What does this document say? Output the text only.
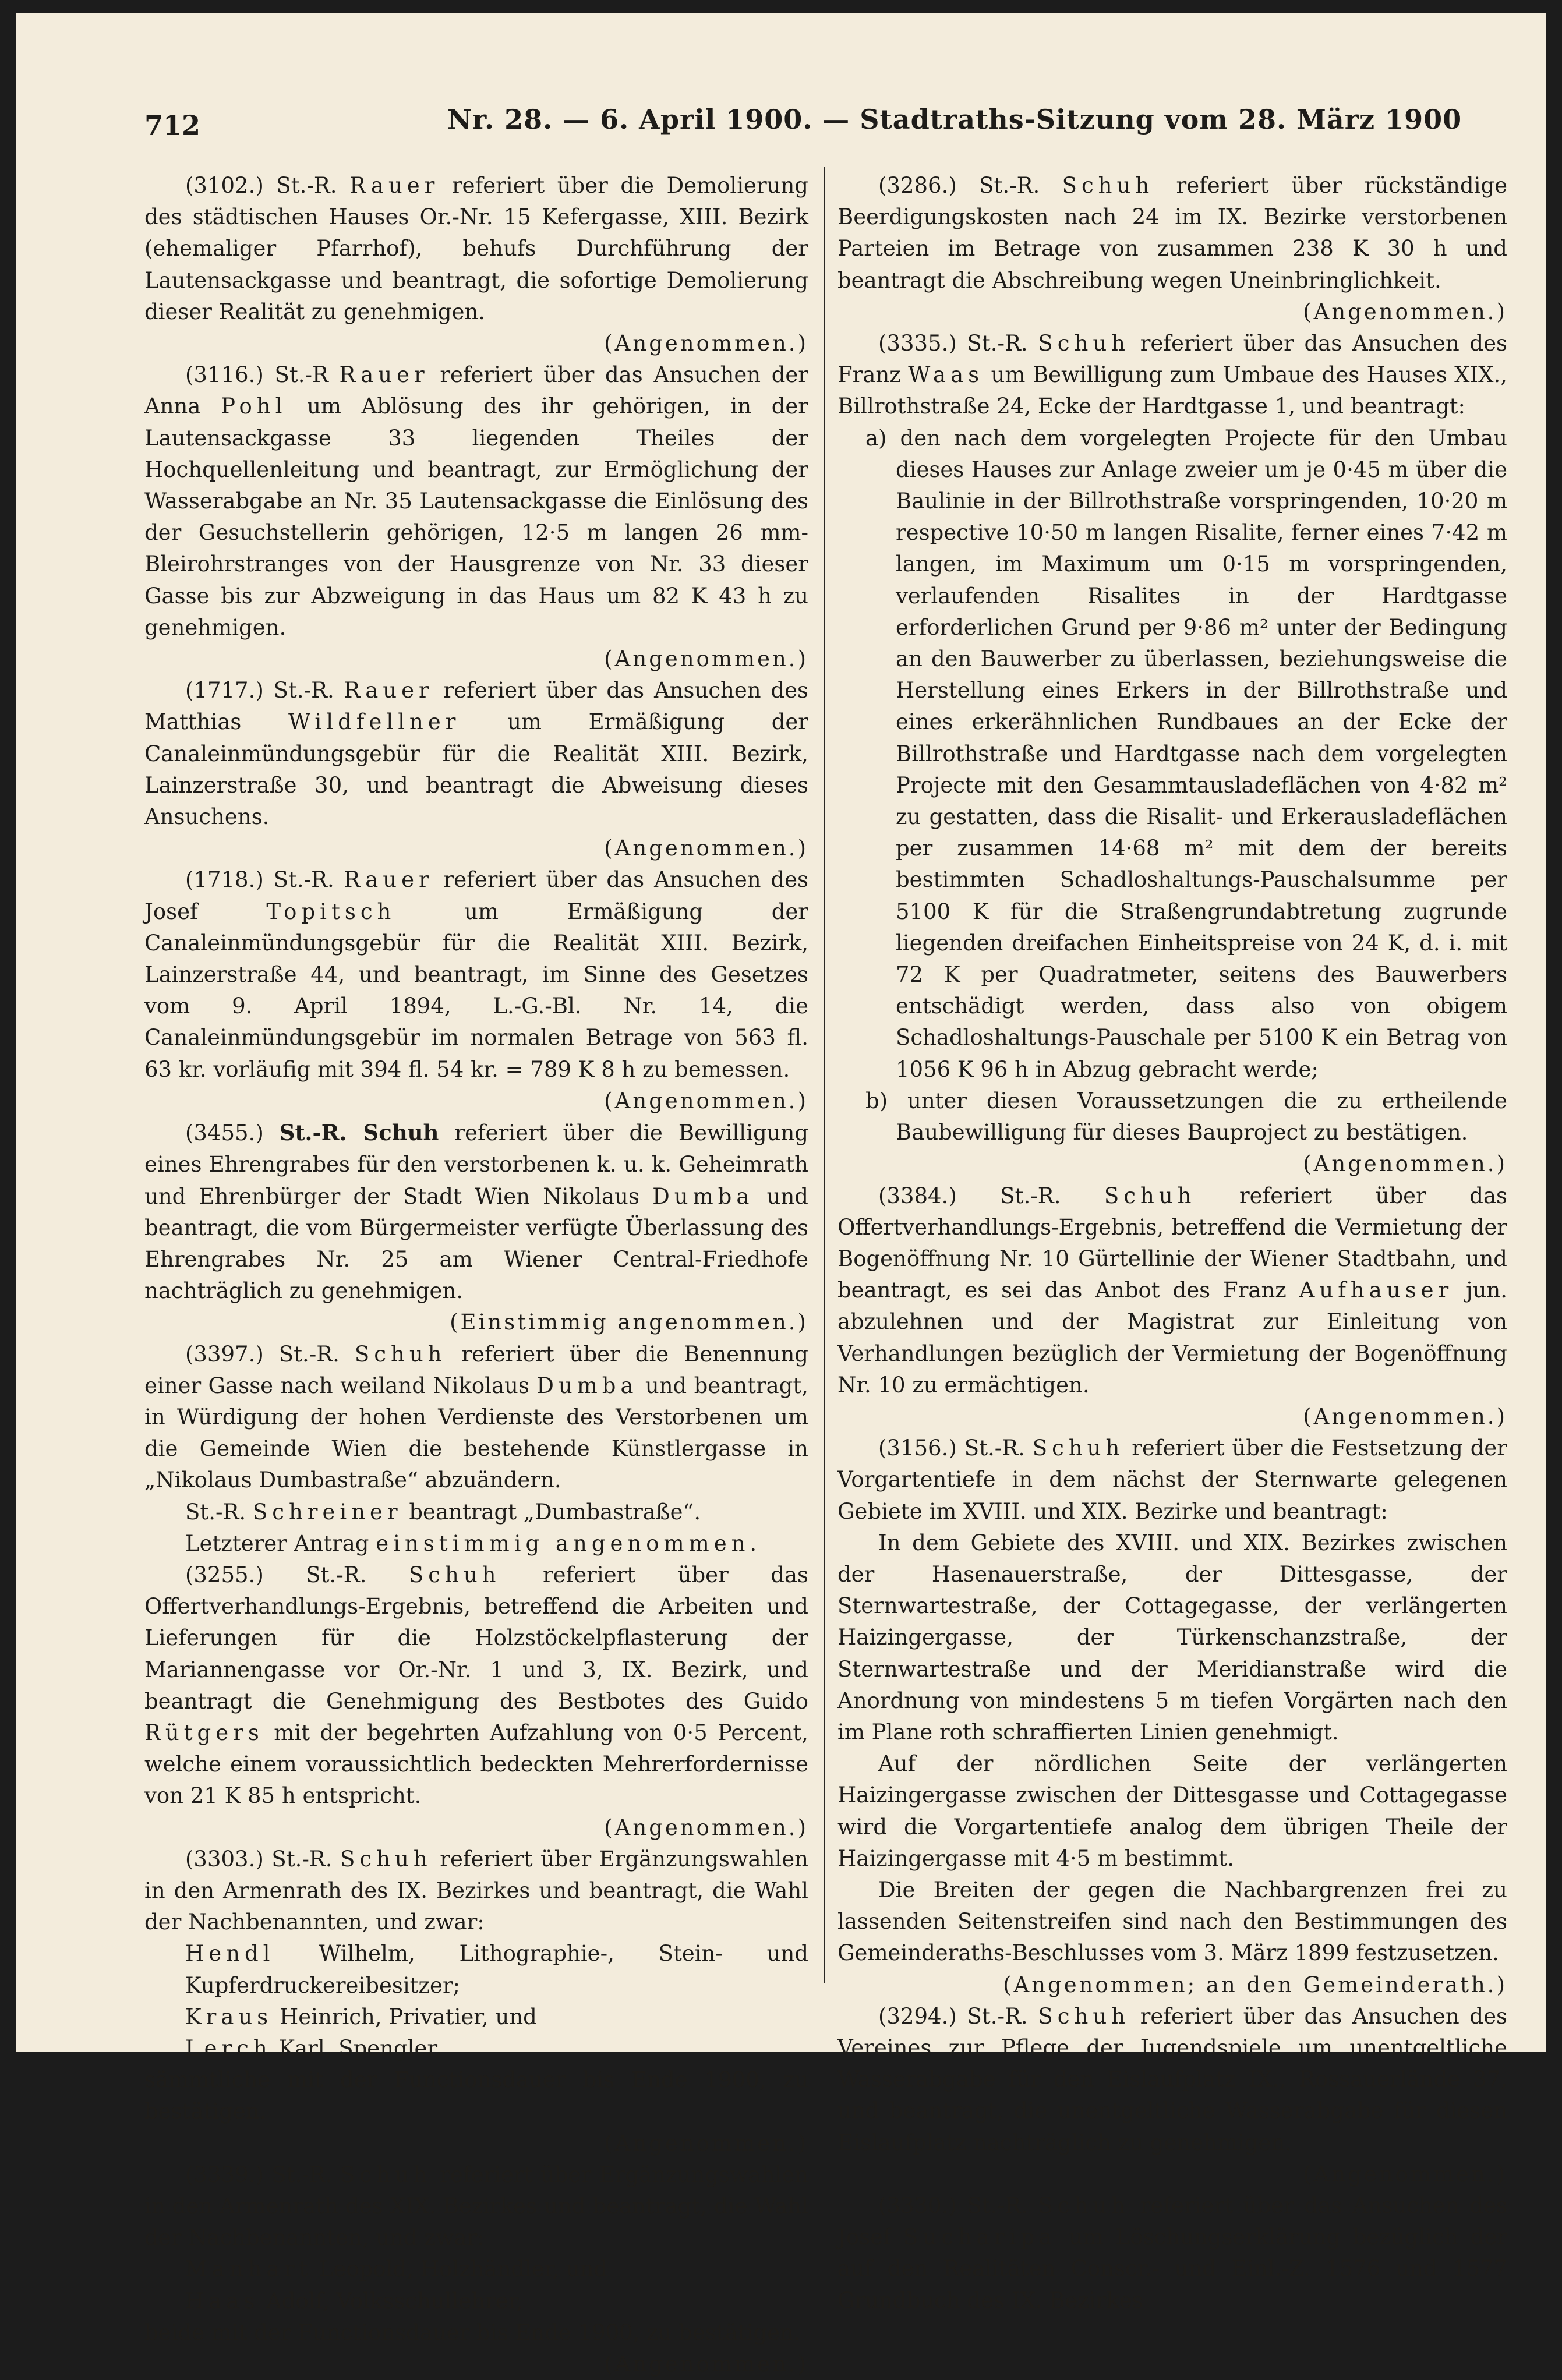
712	Nr. 28. — 6. April 1900. — Stadtraths-Sitzung vom 28. März 1900

(3102.) St.-R. Rauer referiert über die Demolierung des städtischen Hauses Or.-Nr. 15 Kefergasse, XIII. Bezirk (ehemaliger Pfarrhof), behufs Durchführung der Lautensackgasse und beantragt, die sofortige Demolierung dieser Realität zu genehmigen.

(Angenommen.)

(3116.) St.-R Rauer referiert über das Ansuchen der Anna Pohl um Ablösung des ihr gehörigen, in der Lautensackgasse 33 liegenden Theiles der Hochquellenleitung und beantragt, zur Ermöglichung der Wasserabgabe an Nr. 35 Lautensackgasse die Einlösung des der Gesuchstellerin gehörigen, 12·5 m langen 26 mm-Bleirohrstranges von der Hausgrenze von Nr. 33 dieser Gasse bis zur Abzweigung in das Haus um 82 K 43 h zu genehmigen.

(Angenommen.)

(1717.) St.-R. Rauer referiert über das Ansuchen des Matthias Wildfellner um Ermäßigung der Canaleinmündungsgebür für die Realität XIII. Bezirk, Lainzerstraße 30, und beantragt die Abweisung dieses Ansuchens.

(Angenommen.)

(1718.) St.-R. Rauer referiert über das Ansuchen des Josef Topitsch um Ermäßigung der Canaleinmündungsgebür für die Realität XIII. Bezirk, Lainzerstraße 44, und beantragt, im Sinne des Gesetzes vom 9. April 1894, L.-G.-Bl. Nr. 14, die Canaleinmündungsgebür im normalen Betrage von 563 fl. 63 kr. vorläufig mit 394 fl. 54 kr. = 789 K 8 h zu bemessen.

(Angenommen.)

(3455.) St.-R. Schuh referiert über die Bewilligung eines Ehrengrabes für den verstorbenen k. u. k. Geheimrath und Ehrenbürger der Stadt Wien Nikolaus Dumba und beantragt, die vom Bürgermeister verfügte Überlassung des Ehrengrabes Nr. 25 am Wiener Central-Friedhofe nachträglich zu genehmigen.

(Einstimmig angenommen.)

(3397.) St.-R. Schuh referiert über die Benennung einer Gasse nach weiland Nikolaus Dumba und beantragt, in Würdigung der hohen Verdienste des Verstorbenen um die Gemeinde Wien die bestehende Künstlergasse in „Nikolaus Dumbastraße“ abzuändern.

St.-R. Schreiner beantragt „Dumbastraße“.

Letzterer Antrag einstimmig angenommen.

(3255.) St.-R. Schuh referiert über das Offertverhandlungs-Ergebnis, betreffend die Arbeiten und Lieferungen für die Holzstöckelpflasterung der Mariannengasse vor Or.-Nr. 1 und 3, IX. Bezirk, und beantragt die Genehmigung des Bestbotes des Guido Rütgers mit der begehrten Aufzahlung von 0·5 Percent, welche einem voraussichtlich bedeckten Mehrerfordernisse von 21 K 85 h entspricht.

(Angenommen.)

(3303.) St.-R. Schuh referiert über Ergänzungswahlen in den Armenrath des IX. Bezirkes und beantragt, die Wahl der Nachbenannten, und zwar:

Hendl Wilhelm, Lithographie-, Stein- und Kupferdruckereibesitzer;

Kraus Heinrich, Privatier, und

Lerch Karl, Spengler,

sämmtliche mit der Functionsdauer bis Ende 1900, zu bestätigen.

(Angenommen.)

(3339.) St.-R. Schuh referiert über Ergänzungswahlen in den Armenrath des XIX. Bezirkes und beantragt, die Wahl der Nachbenannten, und zwar:

Manhart Leopold, Holzhändler, und

Haas Adolf, Volksschullehrer,

beide mit der Functionsdauer bis Ende 1900, zu bestätigen.

(Angenommen.)

(3286.) St.-R. Schuh referiert über rückständige Beerdigungskosten nach 24 im IX. Bezirke verstorbenen Parteien im Betrage von zusammen 238 K 30 h und beantragt die Abschreibung wegen Uneinbringlichkeit.

(Angenommen.)

(3335.) St.-R. Schuh referiert über das Ansuchen des Franz Waas um Bewilligung zum Umbaue des Hauses XIX., Billrothstraße 24, Ecke der Hardtgasse 1, und beantragt:

a) den nach dem vorgelegten Projecte für den Umbau dieses Hauses zur Anlage zweier um je 0·45 m über die Baulinie in der Billrothstraße vorspringenden, 10·20 m respective 10·50 m langen Risalite, ferner eines 7·42 m langen, im Maximum um 0·15 m vorspringenden, verlaufenden Risalites in der Hardtgasse erforderlichen Grund per 9·86 m² unter der Bedingung an den Bauwerber zu überlassen, beziehungsweise die Herstellung eines Erkers in der Billrothstraße und eines erkerähnlichen Rundbaues an der Ecke der Billrothstraße und Hardtgasse nach dem vorgelegten Projecte mit den Gesammtausladeflächen von 4·82 m² zu gestatten, dass die Risalit- und Erkerausladeflächen per zusammen 14·68 m² mit dem der bereits bestimmten Schadloshaltungs-Pauschalsumme per 5100 K für die Straßengrundabtretung zugrunde liegenden dreifachen Einheitspreise von 24 K, d. i. mit 72 K per Quadratmeter, seitens des Bauwerbers entschädigt werden, dass also von obigem Schadloshaltungs-Pauschale per 5100 K ein Betrag von 1056 K 96 h in Abzug gebracht werde;

b) unter diesen Voraussetzungen die zu ertheilende Baubewilligung für dieses Bauproject zu bestätigen.

(Angenommen.)

(3384.) St.-R. Schuh referiert über das Offertverhandlungs-Ergebnis, betreffend die Vermietung der Bogenöffnung Nr. 10 Gürtellinie der Wiener Stadtbahn, und beantragt, es sei das Anbot des Franz Aufhauser jun. abzulehnen und der Magistrat zur Einleitung von Verhandlungen bezüglich der Vermietung der Bogenöffnung Nr. 10 zu ermächtigen.

(Angenommen.)

(3156.) St.-R. Schuh referiert über die Festsetzung der Vorgartentiefe in dem nächst der Sternwarte gelegenen Gebiete im XVIII. und XIX. Bezirke und beantragt:

In dem Gebiete des XVIII. und XIX. Bezirkes zwischen der Hasenauerstraße, der Dittesgasse, der Sternwartestraße, der Cottagegasse, der verlängerten Haizingergasse, der Türkenschanzstraße, der Sternwartestraße und der Meridianstraße wird die Anordnung von mindestens 5 m tiefen Vorgärten nach den im Plane roth schraffierten Linien genehmigt.

Auf der nördlichen Seite der verlängerten Haizingergasse zwischen der Dittesgasse und Cottagegasse wird die Vorgartentiefe analog dem übrigen Theile der Haizingergasse mit 4·5 m bestimmt.

Die Breiten der gegen die Nachbargrenzen frei zu lassenden Seitenstreifen sind nach den Bestimmungen des Gemeinderaths-Beschlusses vom 3. März 1899 festzusetzen.

(Angenommen; an den Gemeinderath.)

(3294.) St.-R. Schuh referiert über das Ansuchen des Vereines zur Pflege der Jugendspiele um unentgeltliche Wasserabgabe für den Eislaufplatz IX., Rossauerlände 37, und beantragt, die unentgeltliche Wasserabgabe für diesen Eislaufplatz nachträglich zu genehmigen.

(Angenommen.)

(3330.) St.-R. Schuh referiert über das Ansuchen des Josef Sucharipa um Löschungserklärung bezüglich der auf den Realitäten Conscr.- und Einl.-Z. 1576 und 1577 Grundbuch des IX. Bezirkes
